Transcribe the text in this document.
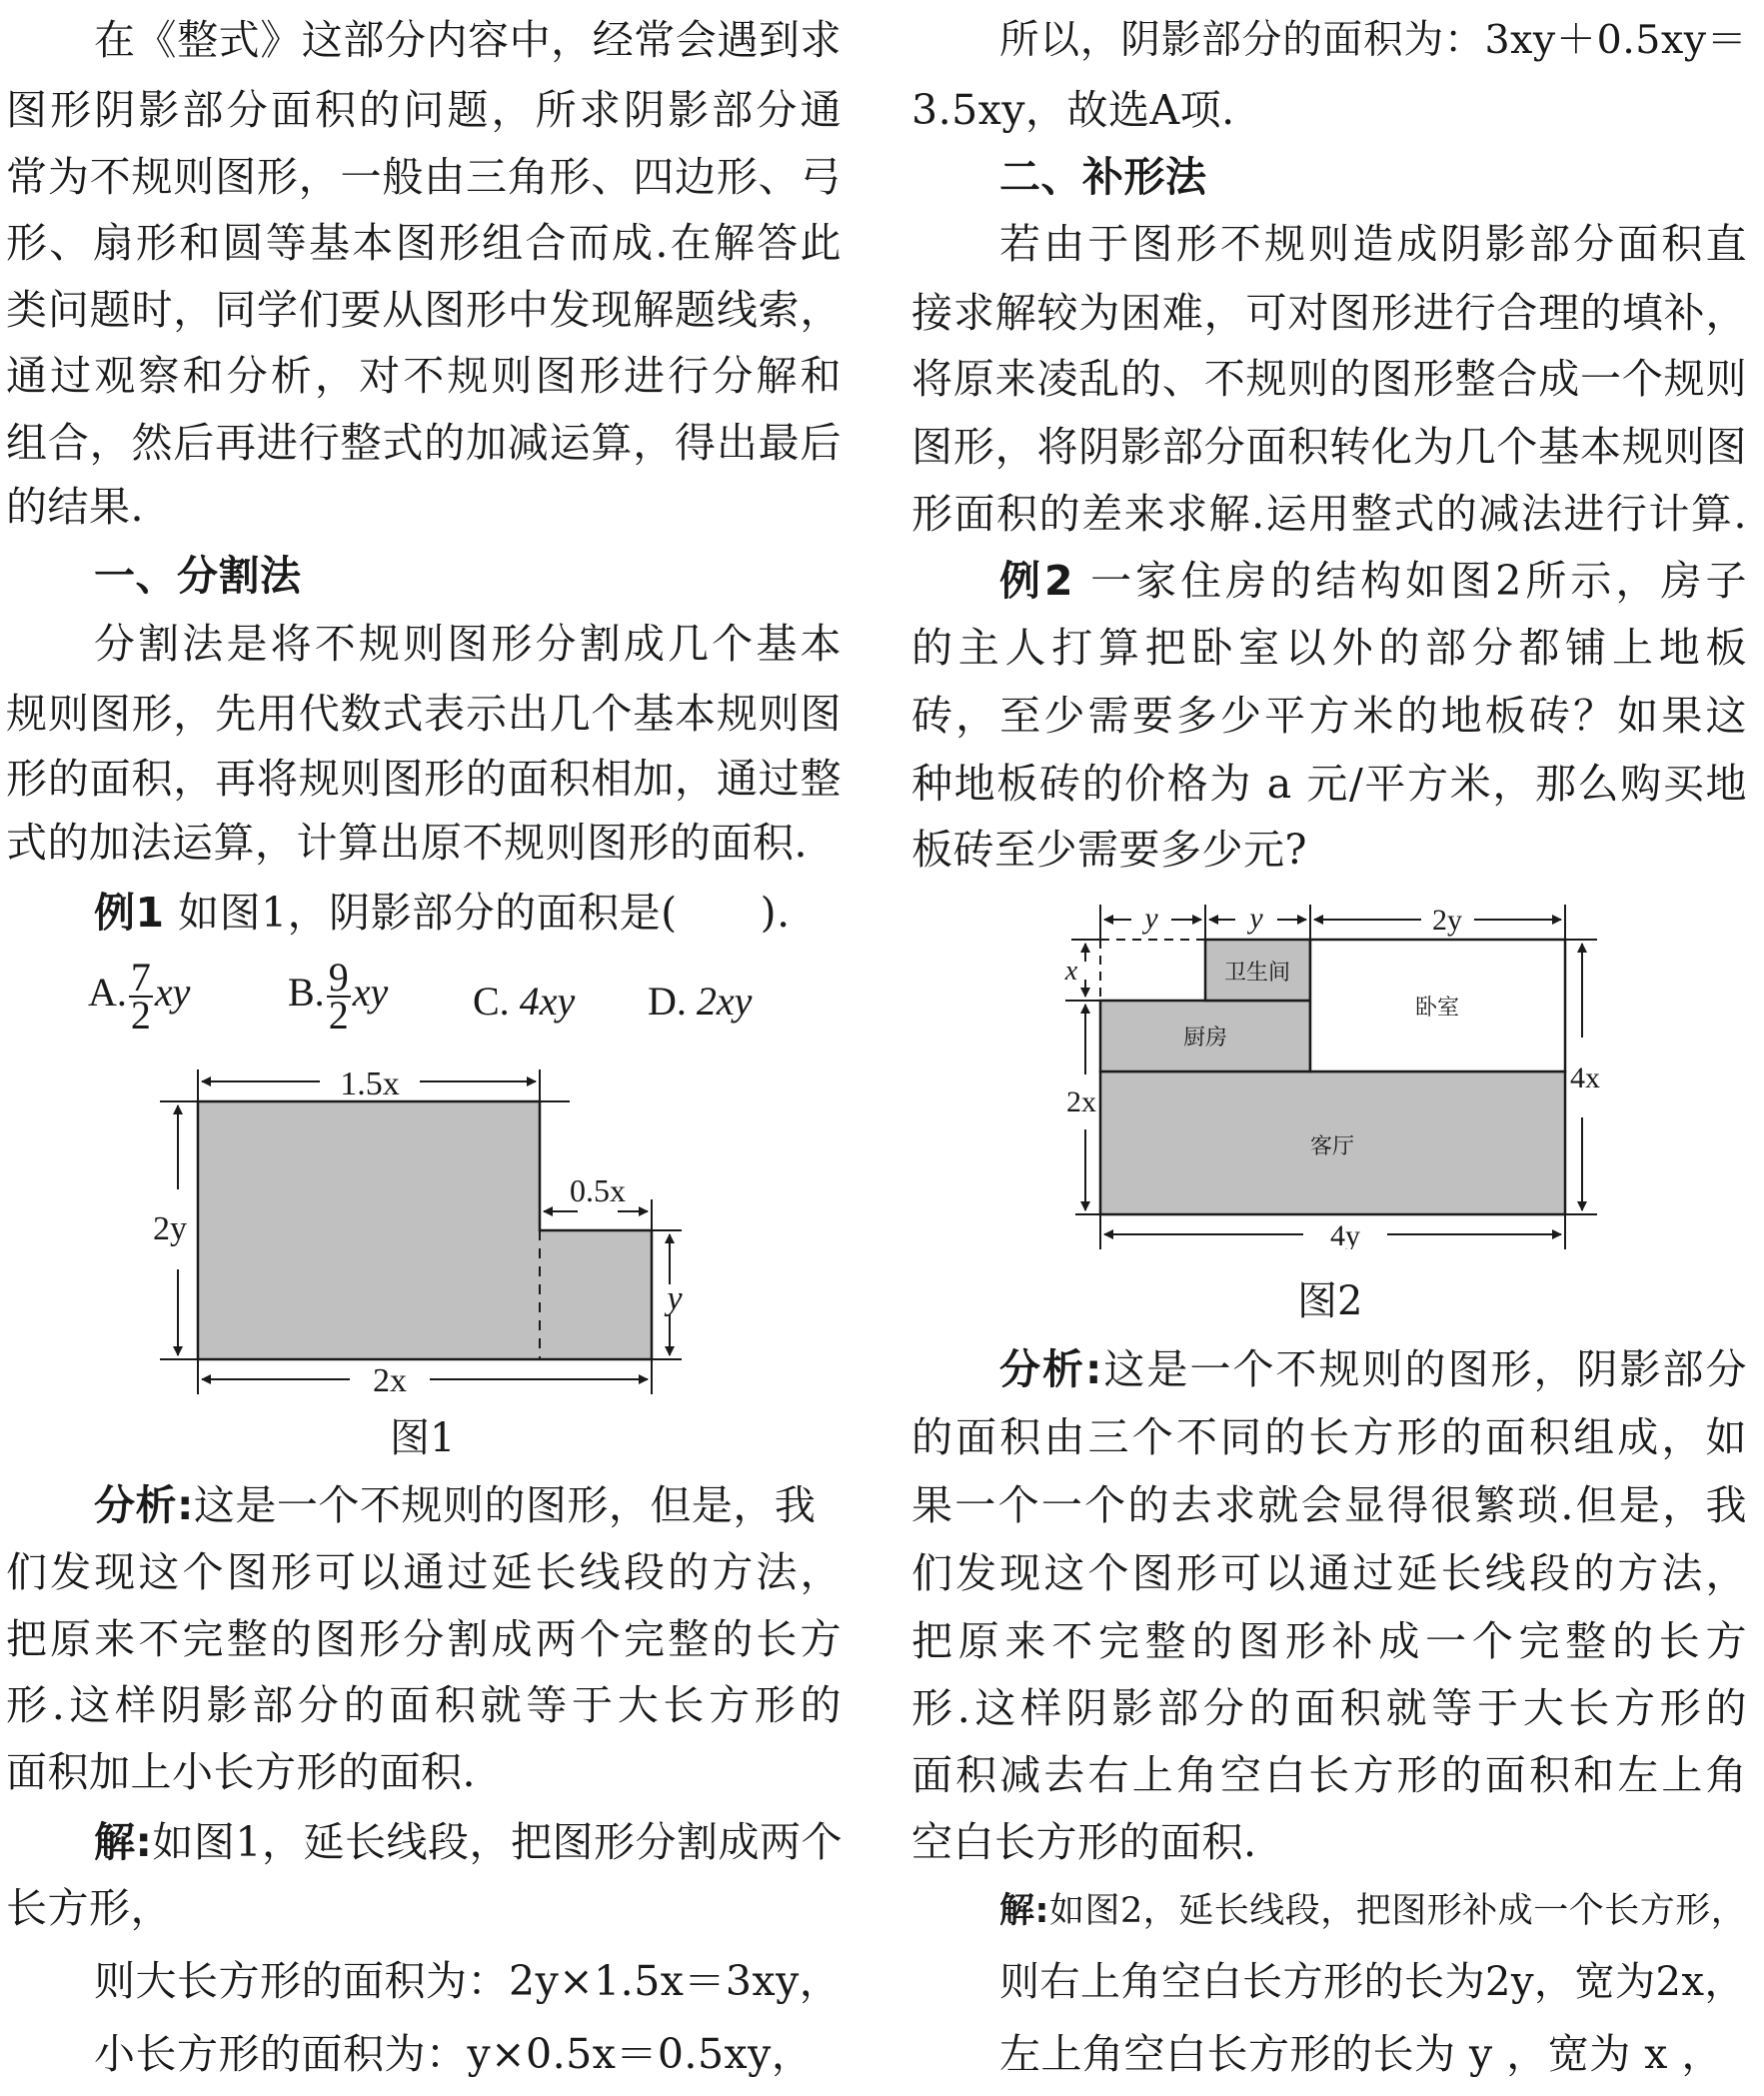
在《整式》这部分内容中，经常会遇到求
图形阴影部分面积的问题，所求阴影部分通
常为不规则图形，一般由三角形、四边形、弓
形、扇形和圆等基本图形组合而成.在解答此
类问题时，同学们要从图形中发现解题线索，
通过观察和分析，对不规则图形进行分解和
组合，然后再进行整式的加减运算，得出最后
的结果.
一、分割法
分割法是将不规则图形分割成几个基本
规则图形，先用代数式表示出几个基本规则图
形的面积，再将规则图形的面积相加，通过整
式的加法运算，计算出原不规则图形的面积.
例1 如图1，阴影部分的面积是(　　).
A. $\frac{7}{2}$ xy B. $\frac{9}{2}$ xy C. 4xy D. 2xy
1.5x
0.5x
2y
y
2x
图1
分析:这是一个不规则的图形，但是，我
们发现这个图形可以通过延长线段的方法，
把原来不完整的图形分割成两个完整的长方
形.这样阴影部分的面积就等于大长方形的
面积加上小长方形的面积.
解:如图1，延长线段，把图形分割成两个
长方形，
则大长方形的面积为：2y×1.5x＝3xy，
小长方形的面积为：y×0.5x＝0.5xy，
所以，阴影部分的面积为：3xy＋0.5xy＝
3.5xy，故选A项.
二、补形法
若由于图形不规则造成阴影部分面积直
接求解较为困难，可对图形进行合理的填补，
将原来凌乱的、不规则的图形整合成一个规则
图形，将阴影部分面积转化为几个基本规则图
形面积的差来求解.运用整式的减法进行计算.
例2 一家住房的结构如图2所示，房子
的主人打算把卧室以外的部分都铺上地板
砖，至少需要多少平方米的地板砖？如果这
种地板砖的价格为 a 元/平方米，那么购买地
板砖至少需要多少元?
y	y	2y
x
2x
4x
4y
卫生间
卧室
厨房
客厅
图2
分析:这是一个不规则的图形，阴影部分
的面积由三个不同的长方形的面积组成，如
果一个一个的去求就会显得很繁琐.但是，我
们发现这个图形可以通过延长线段的方法，
把原来不完整的图形补成一个完整的长方
形.这样阴影部分的面积就等于大长方形的
面积减去右上角空白长方形的面积和左上角
空白长方形的面积.
解:如图2，延长线段，把图形补成一个长方形，
则右上角空白长方形的长为2y，宽为2x，
左上角空白长方形的长为 y ，宽为 x ，
